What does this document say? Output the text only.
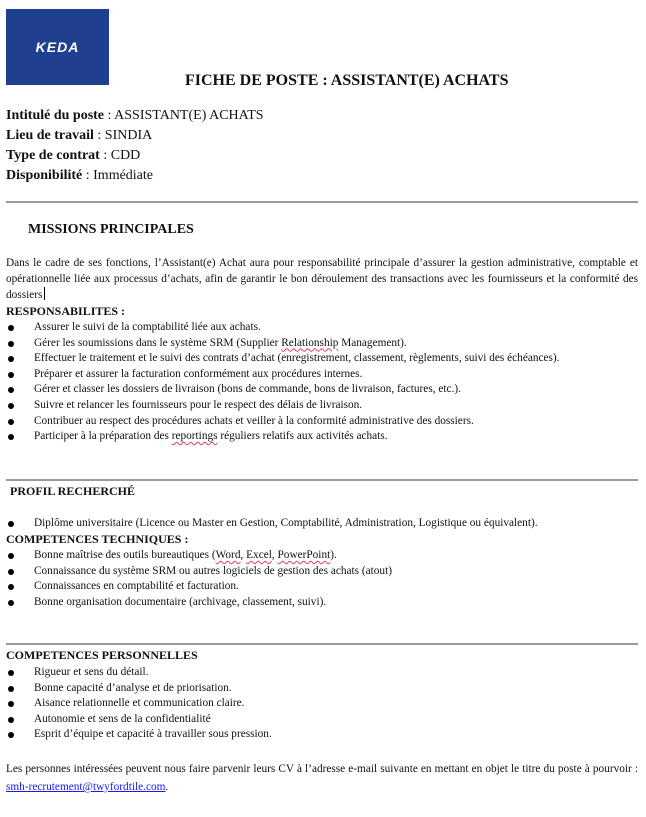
KEDA
FICHE DE POSTE : ASSISTANT(E) ACHATS
Intitulé du poste : ASSISTANT(E) ACHATS
Lieu de travail : SINDIA
Type de contrat : CDD
Disponibilité : Immédiate
MISSIONS PRINCIPALES
Dans le cadre de ses fonctions, l’Assistant(e) Achat aura pour responsabilité principale d’assurer la gestion administrative, comptable et opérationnelle liée aux processus d’achats, afin de garantir le bon déroulement des transactions avec les fournisseurs et la conformité des dossiers
RESPONSABILITES :
Assurer le suivi de la comptabilité liée aux achats.
Gérer les soumissions dans le système SRM (Supplier Relationship Management).
Effectuer le traitement et le suivi des contrats d’achat (enregistrement, classement, règlements, suivi des échéances).
Préparer et assurer la facturation conformément aux procédures internes.
Gérer et classer les dossiers de livraison (bons de commande, bons de livraison, factures, etc.).
Suivre et relancer les fournisseurs pour le respect des délais de livraison.
Contribuer au respect des procédures achats et veiller à la conformité administrative des dossiers.
Participer à la préparation des reportings réguliers relatifs aux activités achats.
PROFIL RECHERCHÉ
Diplôme universitaire (Licence ou Master en Gestion, Comptabilité, Administration, Logistique ou équivalent).
COMPETENCES TECHNIQUES :
Bonne maîtrise des outils bureautiques (Word, Excel, PowerPoint).
Connaissance du système SRM ou autres logiciels de gestion des achats (atout)
Connaissances en comptabilité et facturation.
Bonne organisation documentaire (archivage, classement, suivi).
COMPETENCES PERSONNELLES
Rigueur et sens du détail.
Bonne capacité d’analyse et de priorisation.
Aisance relationnelle et communication claire.
Autonomie et sens de la confidentialité
Esprit d’équipe et capacité à travailler sous pression.
Les personnes intéressées peuvent nous faire parvenir leurs CV à l’adresse e-mail suivante en mettant en objet le titre du poste à pourvoir : smh-recrutement@twyfordtile.com.
